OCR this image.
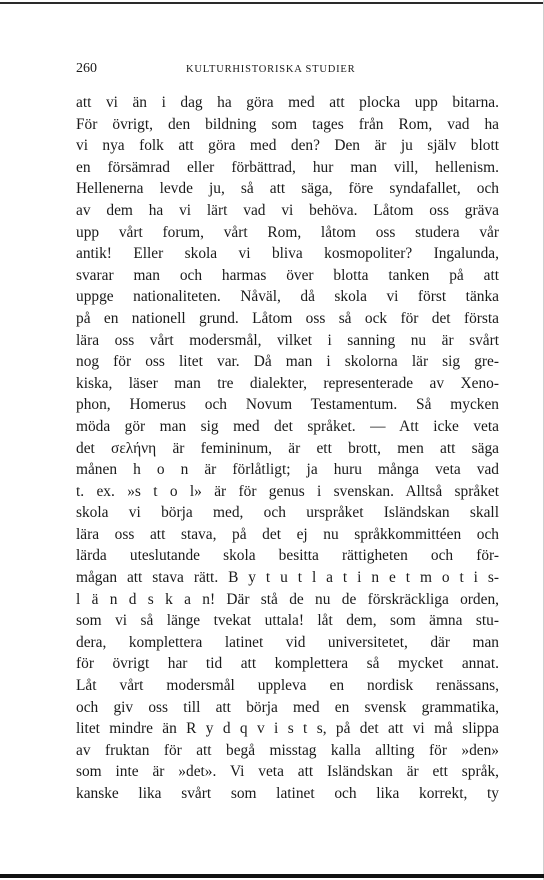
260	KULTURHISTORISKA STUDIER
att vi än i dag ha göra med att plocka upp bitarna.
För övrigt, den bildning som tages från Rom, vad ha
vi nya folk att göra med den? Den är ju själv blott
en försämrad eller förbättrad, hur man vill, hellenism.
Hellenerna levde ju, så att säga, före syndafallet, och
av dem ha vi lärt vad vi behöva. Låtom oss gräva
upp vårt forum, vårt Rom, låtom oss studera vår
antik! Eller skola vi bliva kosmopoliter? Ingalunda,
svarar man och harmas över blotta tanken på att
uppge nationaliteten. Nåväl, då skola vi först tänka
på en nationell grund. Låtom oss så ock för det första
lära oss vårt modersmål, vilket i sanning nu är svårt
nog för oss litet var. Då man i skolorna lär sig gre-
kiska, läser man tre dialekter, representerade av Xeno-
phon, Homerus och Novum Testamentum. Så mycken
möda gör man sig med det språket. — Att icke veta
det σελήνη är femininum, är ett brott, men att säga
månen h o n är förlåtligt; ja huru många veta vad
t. ex. »s t o l» är för genus i svenskan. Alltså språket
skola vi börja med, och urspråket Isländskan skall
lära oss att stava, på det ej nu språkkommittéen och
lärda uteslutande skola besitta rättigheten och för-
mågan att stava rätt. B y t u t l a t i n e t m o t i s-
l ä n d s k a n! Där stå de nu de förskräckliga orden,
som vi så länge tvekat uttala! låt dem, som ämna stu-
dera, komplettera latinet vid universitetet, där man
för övrigt har tid att komplettera så mycket annat.
Låt vårt modersmål uppleva en nordisk renässans,
och giv oss till att börja med en svensk grammatika,
litet mindre än R y d q v i s t s, på det att vi må slippa
av fruktan för att begå misstag kalla allting för »den»
som inte är »det». Vi veta att Isländskan är ett språk,
kanske lika svårt som latinet och lika korrekt, ty
